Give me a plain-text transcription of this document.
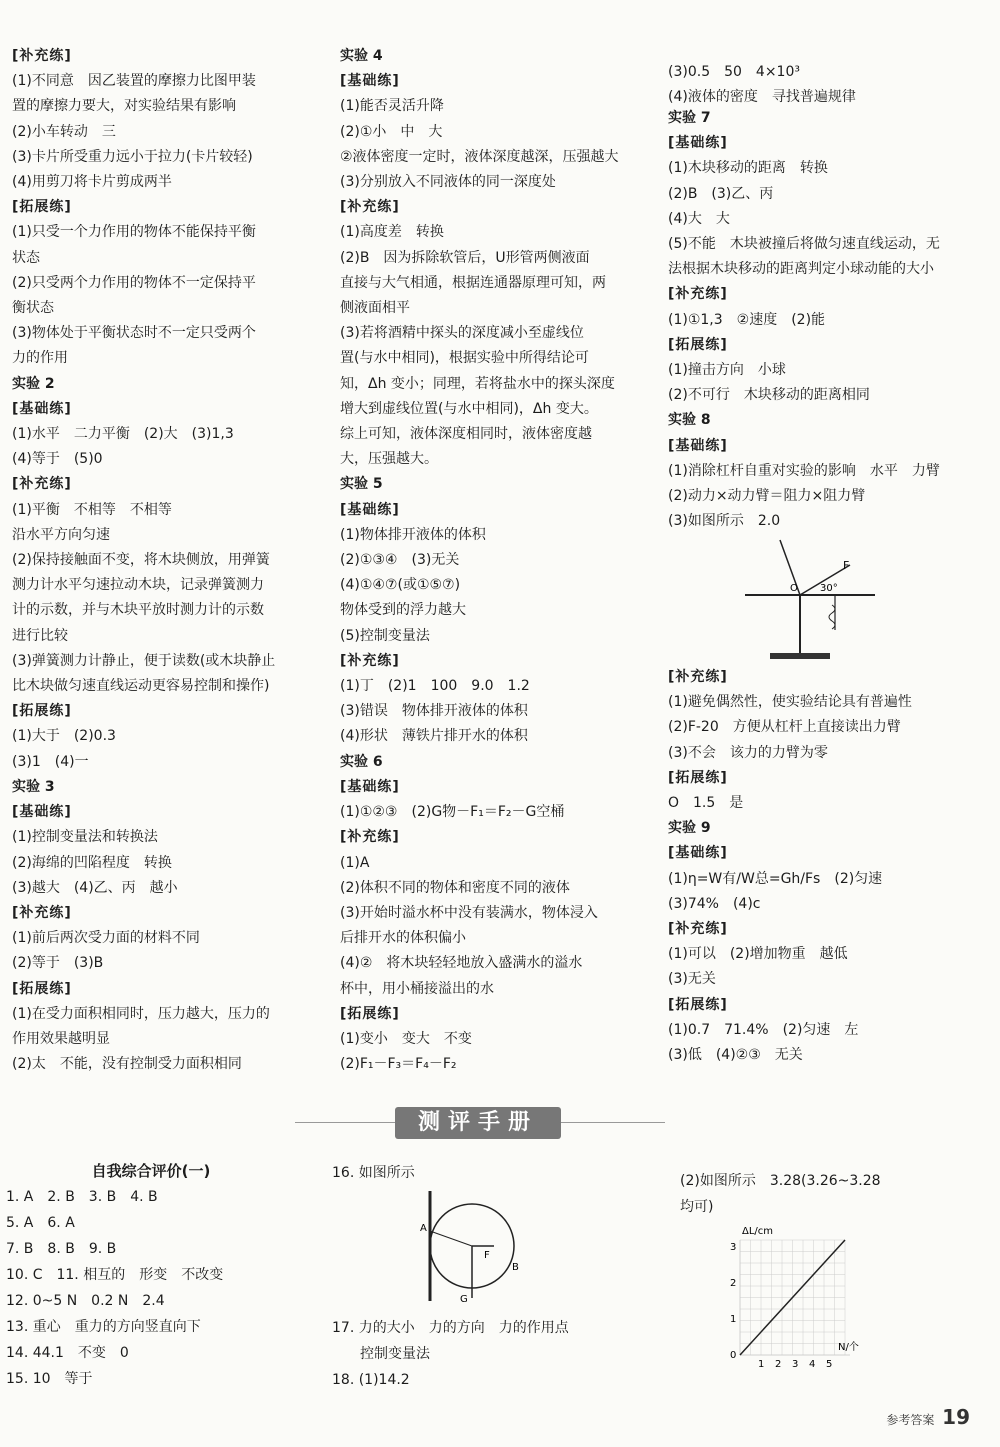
[补充练]
(1)不同意　因乙装置的摩擦力比图甲装
置的摩擦力要大，对实验结果有影响
(2)小车转动　三
(3)卡片所受重力远小于拉力(卡片较轻)
(4)用剪刀将卡片剪成两半
[拓展练]
(1)只受一个力作用的物体不能保持平衡
状态
(2)只受两个力作用的物体不一定保持平
衡状态
(3)物体处于平衡状态时不一定只受两个
力的作用
实验 2
[基础练]
(1)水平　二力平衡　(2)大　(3)1,3
(4)等于　(5)0
[补充练]
(1)平衡　不相等　不相等
沿水平方向匀速
(2)保持接触面不变，将木块侧放，用弹簧
测力计水平匀速拉动木块，记录弹簧测力
计的示数，并与木块平放时测力计的示数
进行比较
(3)弹簧测力计静止，便于读数(或木块静止
比木块做匀速直线运动更容易控制和操作)
[拓展练]
(1)大于　(2)0.3
(3)1　(4)一
实验 3
[基础练]
(1)控制变量法和转换法
(2)海绵的凹陷程度　转换
(3)越大　(4)乙、丙　越小
[补充练]
(1)前后两次受力面的材料不同
(2)等于　(3)B
[拓展练]
(1)在受力面积相同时，压力越大，压力的
作用效果越明显
(2)太　不能，没有控制受力面积相同
实验 4
[基础练]
(1)能否灵活升降
(2)①小　中　大
②液体密度一定时，液体深度越深，压强越大
(3)分别放入不同液体的同一深度处
[补充练]
(1)高度差　转换
(2)B　因为拆除软管后，U形管两侧液面
直接与大气相通，根据连通器原理可知，两
侧液面相平
(3)若将酒精中探头的深度减小至虚线位
置(与水中相同)，根据实验中所得结论可
知，Δh 变小；同理，若将盐水中的探头深度
增大到虚线位置(与水中相同)，Δh 变大。
综上可知，液体深度相同时，液体密度越
大，压强越大。
实验 5
[基础练]
(1)物体排开液体的体积
(2)①③④　(3)无关
(4)①④⑦(或①⑤⑦)
物体受到的浮力越大
(5)控制变量法
[补充练]
(1)丁　(2)1　100　9.0　1.2
(3)错误　物体排开液体的体积
(4)形状　薄铁片排开水的体积
实验 6
[基础练]
(1)①②③　(2)G物－F₁＝F₂－G空桶
[补充练]
(1)A
(2)体积不同的物体和密度不同的液体
(3)开始时溢水杯中没有装满水，物体浸入
后排开水的体积偏小
(4)②　将木块轻轻地放入盛满水的溢水
杯中，用小桶接溢出的水
[拓展练]
(1)变小　变大　不变
(2)F₁－F₃＝F₄－F₂
(3)0.5　50　4×10³
(4)液体的密度　寻找普遍规律
实验 7
[基础练]
(1)木块移动的距离　转换
(2)B　(3)乙、丙
(4)大　大
(5)不能　木块被撞后将做匀速直线运动，无
法根据木块移动的距离判定小球动能的大小
[补充练]
(1)①1,3　②速度　(2)能
[拓展练]
(1)撞击方向　小球
(2)不可行　木块移动的距离相同
实验 8
[基础练]
(1)消除杠杆自重对实验的影响　水平　力臂
(2)动力×动力臂＝阻力×阻力臂
(3)如图所示　2.0
F
30°
O
[补充练]
(1)避免偶然性，使实验结论具有普遍性
(2)F-20　方便从杠杆上直接读出力臂
(3)不会　该力的力臂为零
[拓展练]
O　1.5　是
实验 9
[基础练]
(1)η=W有/W总=Gh/Fs　(2)匀速
(3)74%　(4)c
[补充练]
(1)可以　(2)增加物重　越低
(3)无关
[拓展练]
(1)0.7　71.4%　(2)匀速　左
(3)低　(4)②③　无关
测评手册
自我综合评价(一)
1. A　2. B　3. B　4. B
5. A　6. A
7. B　8. B　9. B
10. C　11. 相互的　形变　不改变
12. 0~5 N　0.2 N　2.4
13. 重心　重力的方向竖直向下
14. 44.1　不变　0
15. 10　等于
16. 如图所示
A
F
G
B
17. 力的大小　力的方向　力的作用点
　　控制变量法
18. (1)14.2
(2)如图所示　3.28(3.26~3.28
均可)
ΔL/cm
N/个
1 2 3 4 5
0
1
2
3
参考答案 19
